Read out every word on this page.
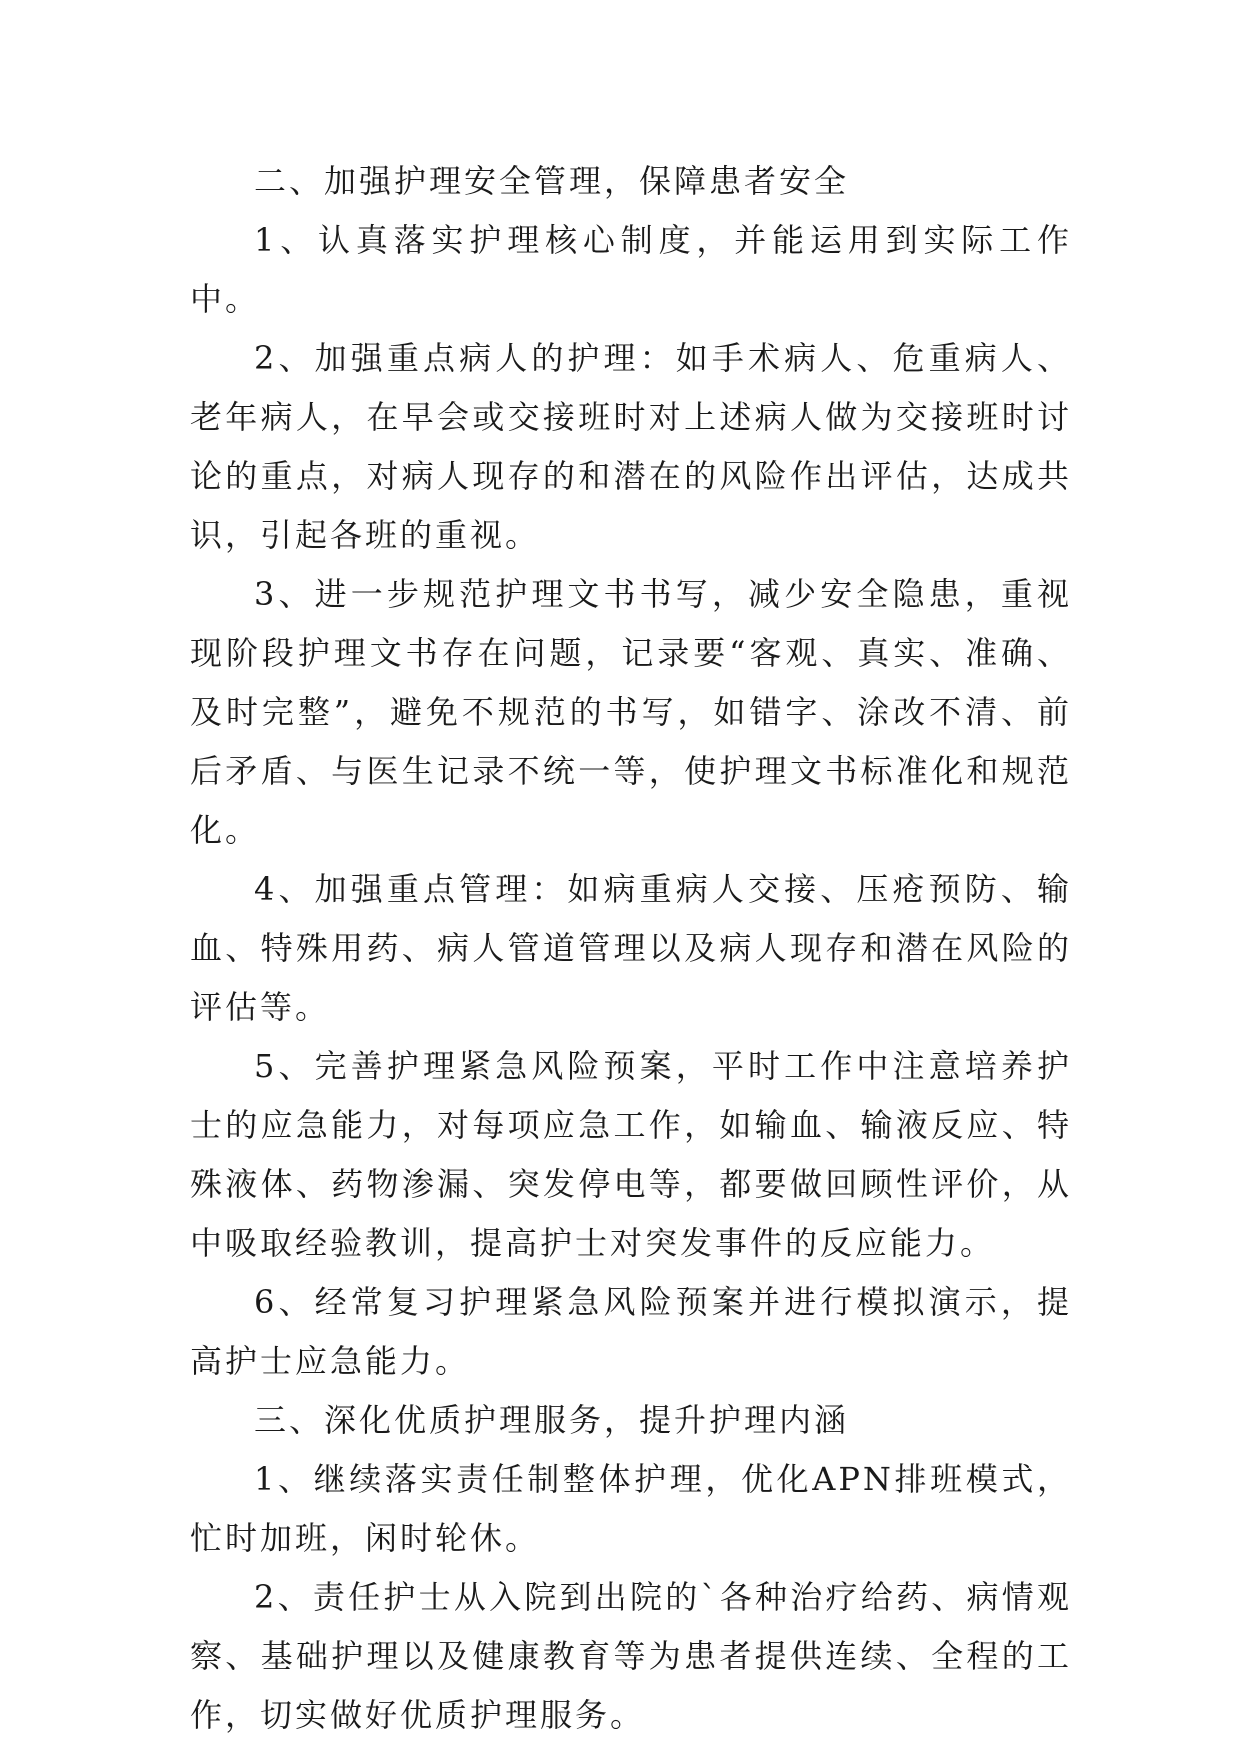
二、加强护理安全管理，保障患者安全

1、认真落实护理核心制度，并能运用到实际工作中。

2、加强重点病人的护理：如手术病人、危重病人、老年病人，在早会或交接班时对上述病人做为交接班时讨论的重点，对病人现存的和潜在的风险作出评估，达成共识，引起各班的重视。

3、进一步规范护理文书书写，减少安全隐患，重视现阶段护理文书存在问题，记录要“客观、真实、准确、及时完整”，避免不规范的书写，如错字、涂改不清、前后矛盾、与医生记录不统一等，使护理文书标准化和规范化。

4、加强重点管理：如病重病人交接、压疮预防、输血、特殊用药、病人管道管理以及病人现存和潜在风险的评估等。

5、完善护理紧急风险预案，平时工作中注意培养护士的应急能力，对每项应急工作，如输血、输液反应、特殊液体、药物渗漏、突发停电等，都要做回顾性评价，从中吸取经验教训，提高护士对突发事件的反应能力。

6、经常复习护理紧急风险预案并进行模拟演示，提高护士应急能力。

三、深化优质护理服务，提升护理内涵

1、继续落实责任制整体护理，优化APN排班模式，忙时加班，闲时轮休。

2、责任护士从入院到出院的`各种治疗给药、病情观察、基础护理以及健康教育等为患者提供连续、全程的工作，切实做好优质护理服务。
